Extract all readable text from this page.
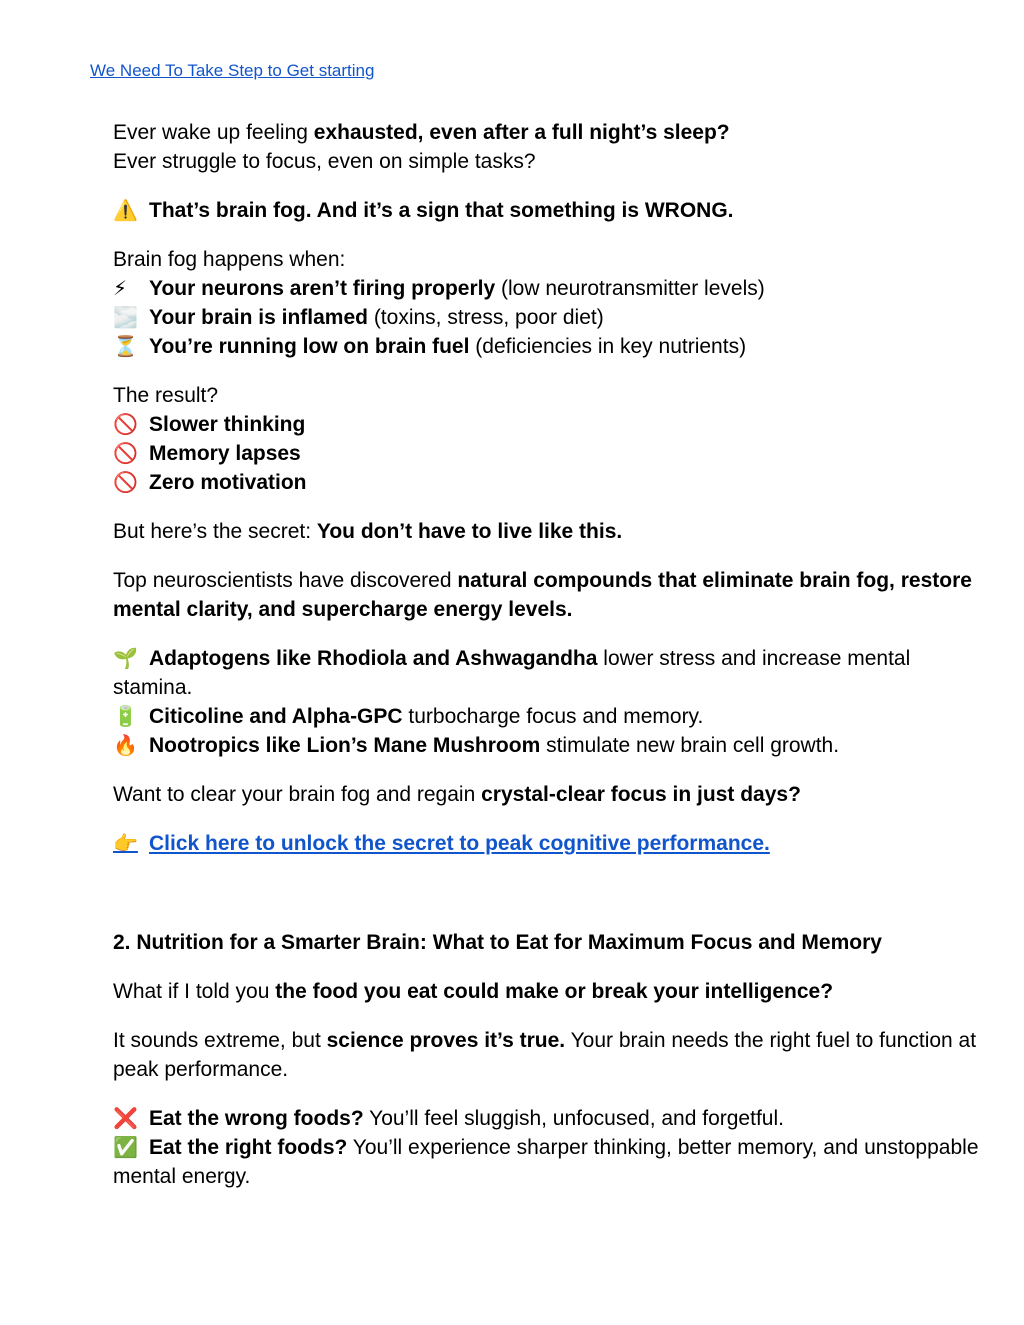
We Need To Take Step to Get starting

Ever wake up feeling exhausted, even after a full night’s sleep?
Ever struggle to focus, even on simple tasks?

⚠️ That’s brain fog. And it’s a sign that something is WRONG.

Brain fog happens when:
⚡ Your neurons aren’t firing properly (low neurotransmitter levels)
🌫️ Your brain is inflamed (toxins, stress, poor diet)
⏳ You’re running low on brain fuel (deficiencies in key nutrients)

The result?
🚫 Slower thinking
🚫 Memory lapses
🚫 Zero motivation

But here’s the secret: You don’t have to live like this.

Top neuroscientists have discovered natural compounds that eliminate brain fog, restore mental clarity, and supercharge energy levels.

🌱 Adaptogens like Rhodiola and Ashwagandha lower stress and increase mental stamina.
🔋 Citicoline and Alpha-GPC turbocharge focus and memory.
🔥 Nootropics like Lion’s Mane Mushroom stimulate new brain cell growth.

Want to clear your brain fog and regain crystal-clear focus in just days?

👉 Click here to unlock the secret to peak cognitive performance.

2. Nutrition for a Smarter Brain: What to Eat for Maximum Focus and Memory

What if I told you the food you eat could make or break your intelligence?

It sounds extreme, but science proves it’s true. Your brain needs the right fuel to function at peak performance.

❌ Eat the wrong foods? You’ll feel sluggish, unfocused, and forgetful.
✅ Eat the right foods? You’ll experience sharper thinking, better memory, and unstoppable mental energy.
